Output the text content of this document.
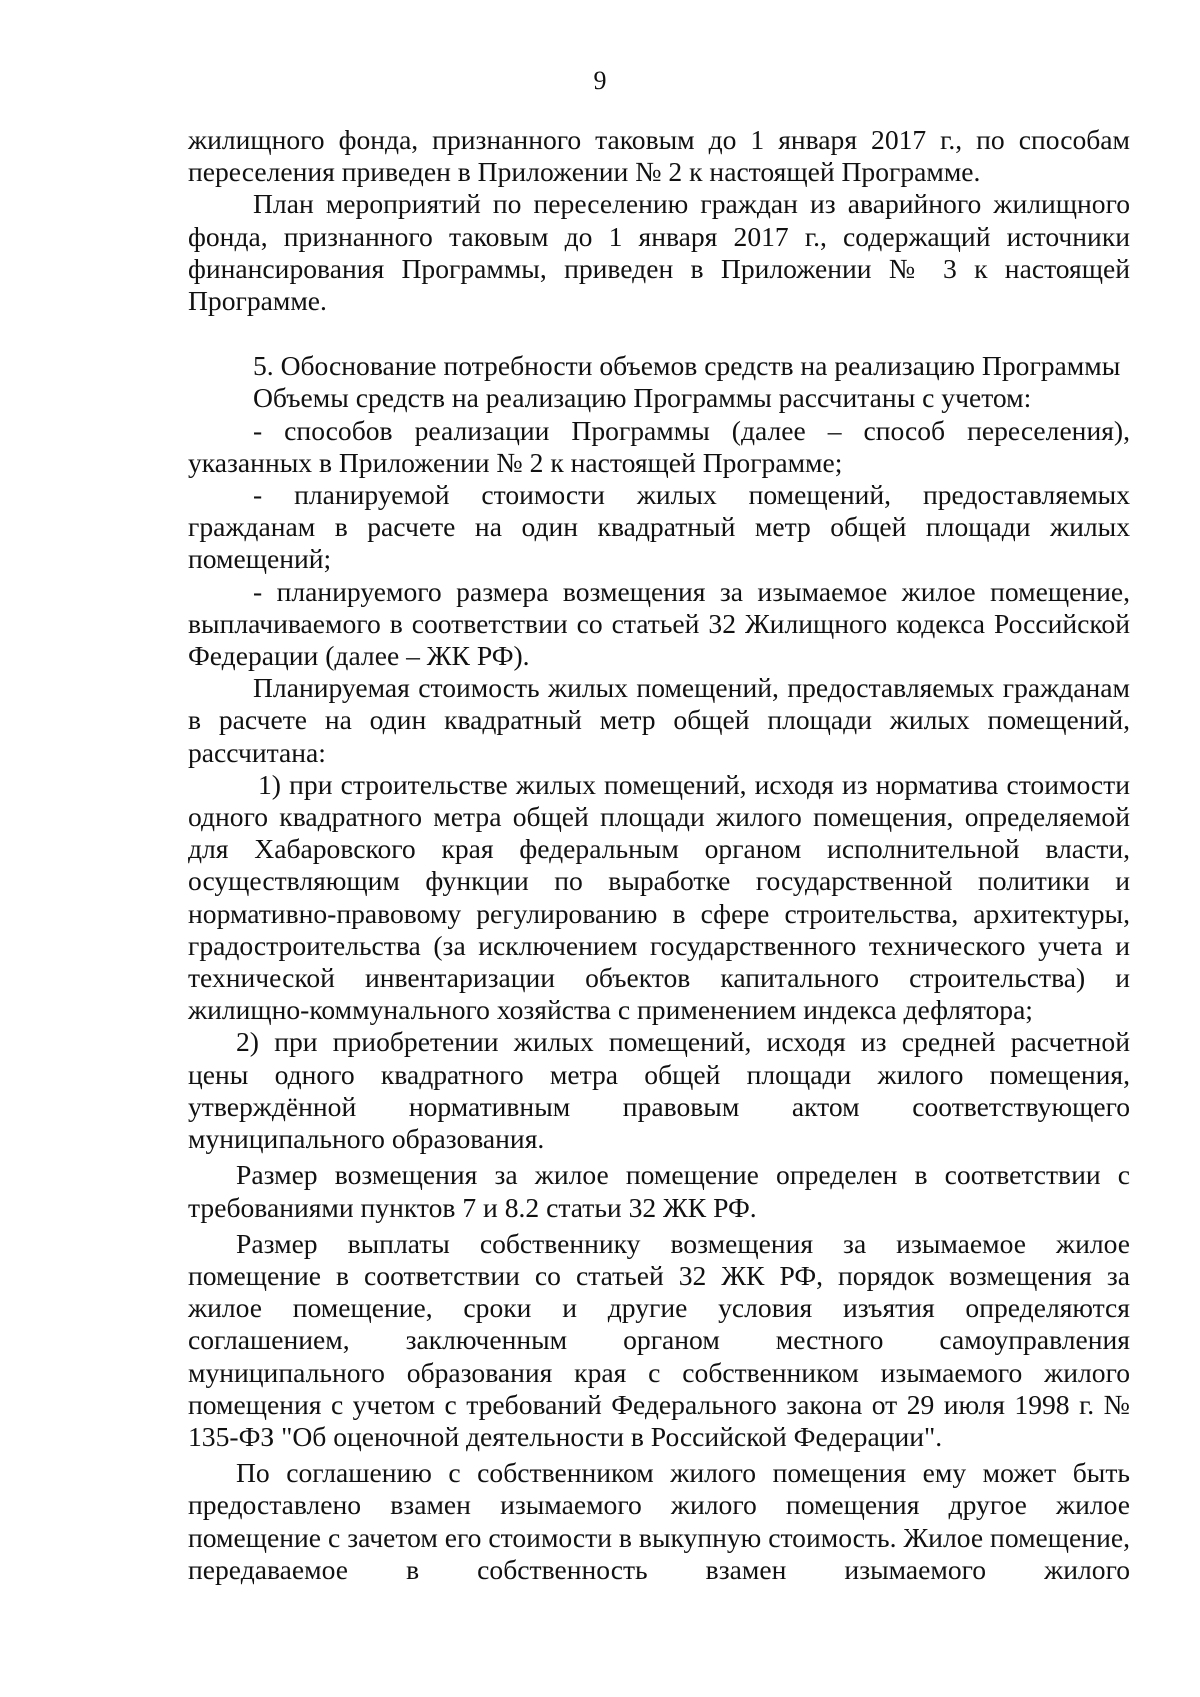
9

жилищного фонда, признанного таковым до 1 января 2017 г., по способам переселения приведен в Приложении № 2 к настоящей Программе.

План мероприятий по переселению граждан из аварийного жилищного фонда, признанного таковым до 1 января 2017 г., содержащий источники финансирования Программы, приведен в Приложении № 3 к настоящей Программе.

5. Обоснование потребности объемов средств на реализацию Программы

Объемы средств на реализацию Программы рассчитаны с учетом:

- способов реализации Программы (далее – способ переселения), указанных в Приложении № 2 к настоящей Программе;

- планируемой стоимости жилых помещений, предоставляемых гражданам в расчете на один квадратный метр общей площади жилых помещений;

- планируемого размера возмещения за изымаемое жилое помещение, выплачиваемого в соответствии со статьей 32 Жилищного кодекса Российской Федерации (далее – ЖК РФ).

Планируемая стоимость жилых помещений, предоставляемых гражданам в расчете на один квадратный метр общей площади жилых помещений, рассчитана:

1) при строительстве жилых помещений, исходя из норматива стоимости одного квадратного метра общей площади жилого помещения, определяемой для Хабаровского края федеральным органом исполнительной власти, осуществляющим функции по выработке государственной политики и нормативно-правовому регулированию в сфере строительства, архитектуры, градостроительства (за исключением государственного технического учета и технической инвентаризации объектов капитального строительства) и жилищно-коммунального хозяйства с применением индекса дефлятора;

2) при приобретении жилых помещений, исходя из средней расчетной цены одного квадратного метра общей площади жилого помещения, утверждённой нормативным правовым актом соответствующего муниципального образования.

Размер возмещения за жилое помещение определен в соответствии с требованиями пунктов 7 и 8.2 статьи 32 ЖК РФ.

Размер выплаты собственнику возмещения за изымаемое жилое помещение в соответствии со статьей 32 ЖК РФ, порядок возмещения за жилое помещение, сроки и другие условия изъятия определяются соглашением, заключенным органом местного самоуправления муниципального образования края с собственником изымаемого жилого помещения с учетом с требований Федерального закона от 29 июля 1998 г. № 135-ФЗ "Об оценочной деятельности в Российской Федерации".

По соглашению с собственником жилого помещения ему может быть предоставлено взамен изымаемого жилого помещения другое жилое помещение с зачетом его стоимости в выкупную стоимость. Жилое помещение, передаваемое в собственность взамен изымаемого жилого
